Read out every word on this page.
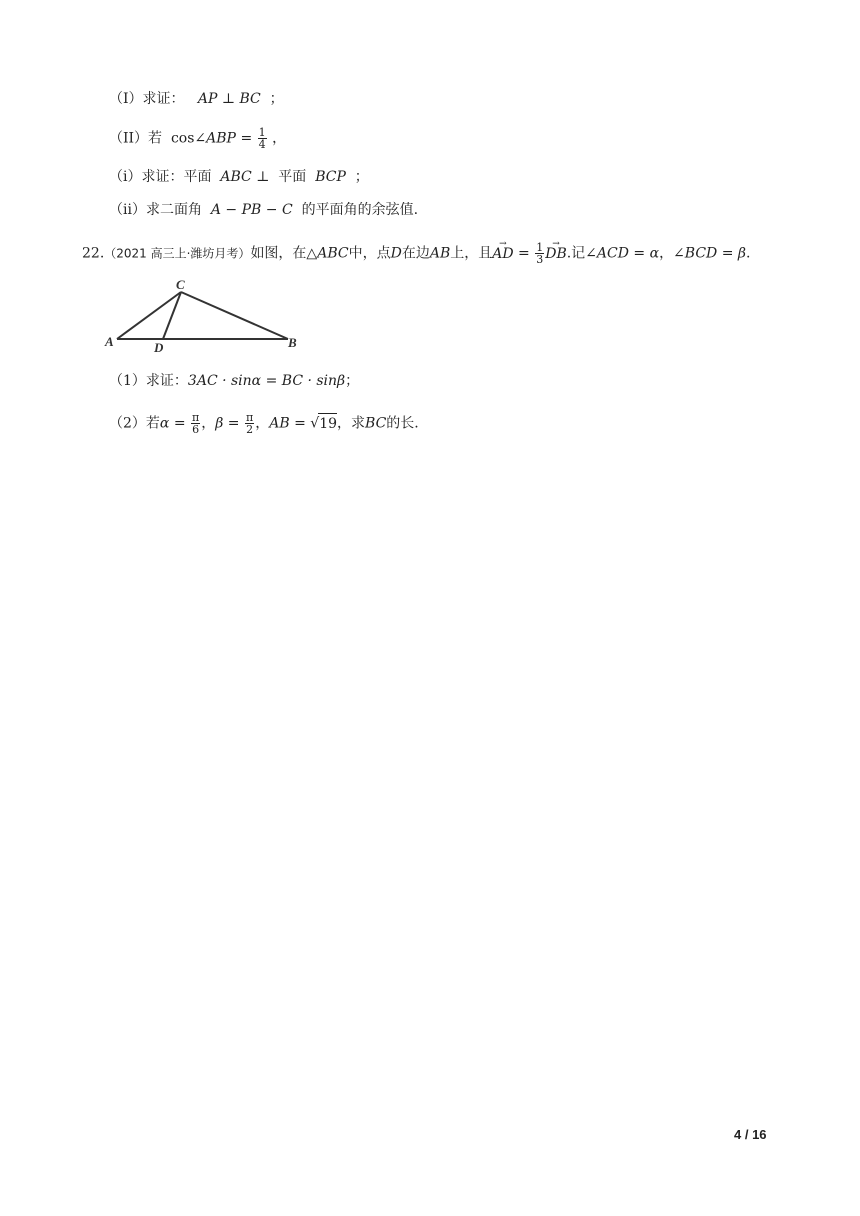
（I）求证： AP ⊥ BC ；
（II）若 cos∠ABP = $\frac{1}{4}$ ，
（i）求证：平面 ABC ⊥ 平面 BCP ；
（ii）求二面角 A − PB − C 的平面角的余弦值.
22.（2021 高三上·潍坊月考）如图，在△ABC中，点D在边AB上，且→ AD = $\frac{1}{3}$
→ DB.记∠ACD = α，∠BCD = β.
C
A	D	B
（1）求证：3AC · sinα = BC · sinβ；
（2）若$\alpha = \frac{\pi}{6}$ ，$\beta = \frac{\pi}{2}$ ，AB = √19，求BC的长.
4 / 16
